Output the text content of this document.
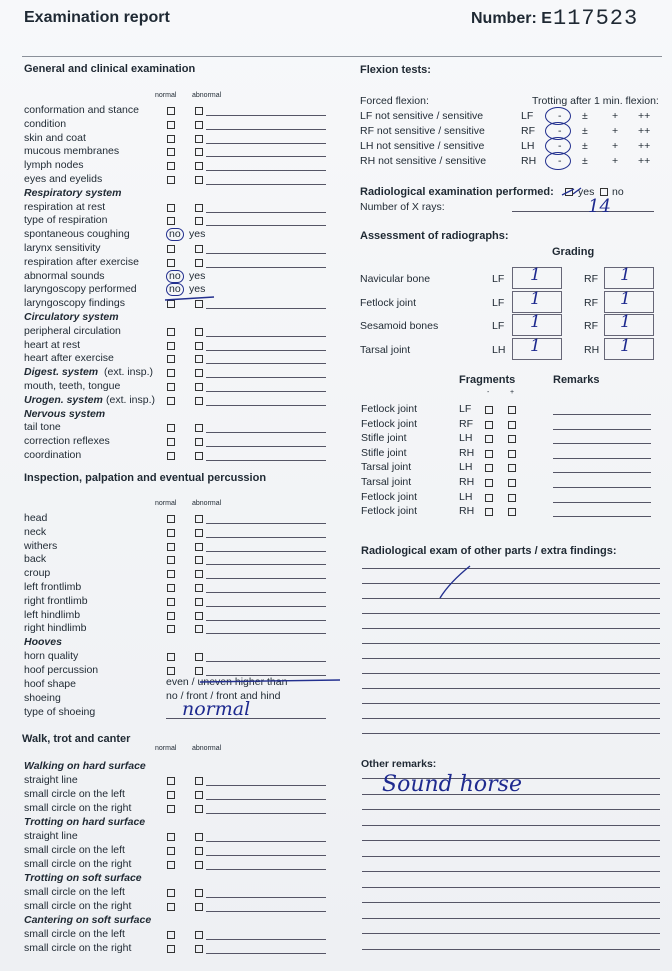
Examination report	Number: E 117523
General and clinical examination
normal abnormal
conformation and stance
condition
skin and coat
mucous membranes
lymph nodes
eyes and eyelids
Respiratory system
respiration at rest
type of respiration
spontaneous coughing	no yes
larynx sensitivity
respiration after exercise
abnormal sounds	no yes
laryngoscopy performed	no yes
laryngoscopy findings
Circulatory system
peripheral circulation
heart at rest
heart after exercise
Digest. system (ext. insp.)
mouth, teeth, tongue
Urogen. system (ext. insp.)
Nervous system
tail tone
correction reflexes
coordination
Inspection, palpation and eventual percussion
normal abnormal
head
neck
withers
back
croup
left frontlimb
right frontlimb
left hindlimb
right hindlimb
Hooves
horn quality
hoof percussion
hoof shape	even / uneven higher than
shoeing	no / front / front and hind
type of shoeing	normal
Walk, trot and canter
normal abnormal
Walking on hard surface
straight line
small circle on the left
small circle on the right
Trotting on hard surface
straight line
small circle on the left
small circle on the right
Trotting on soft surface
small circle on the left
small circle on the right
Cantering on soft surface
small circle on the left
small circle on the right
Flexion tests:
Forced flexion:	Trotting after 1 min. flexion:
LF not sensitive / sensitive	LF - ± + ++
RF not sensitive / sensitive	RF - ± + ++
LH not sensitive / sensitive	LH - ± + ++
RH not sensitive / sensitive	RH - ± + ++
Radiological examination performed: yes no
Number of X rays:	14
Assessment of radiographs:
Grading
Navicular bone	LF 1	RF 1
Fetlock joint	LF 1	RF 1
Sesamoid bones	LF 1	RF 1
Tarsal joint	LH 1	RH 1
Fragments	Remarks
-	+
Fetlock joint	LF
Fetlock joint	RF
Stifle joint	LH
Stifle joint	RH
Tarsal joint	LH
Tarsal joint	RH
Fetlock joint	LH
Fetlock joint	RH
Radiological exam of other parts / extra findings:
Other remarks:
Sound horse
